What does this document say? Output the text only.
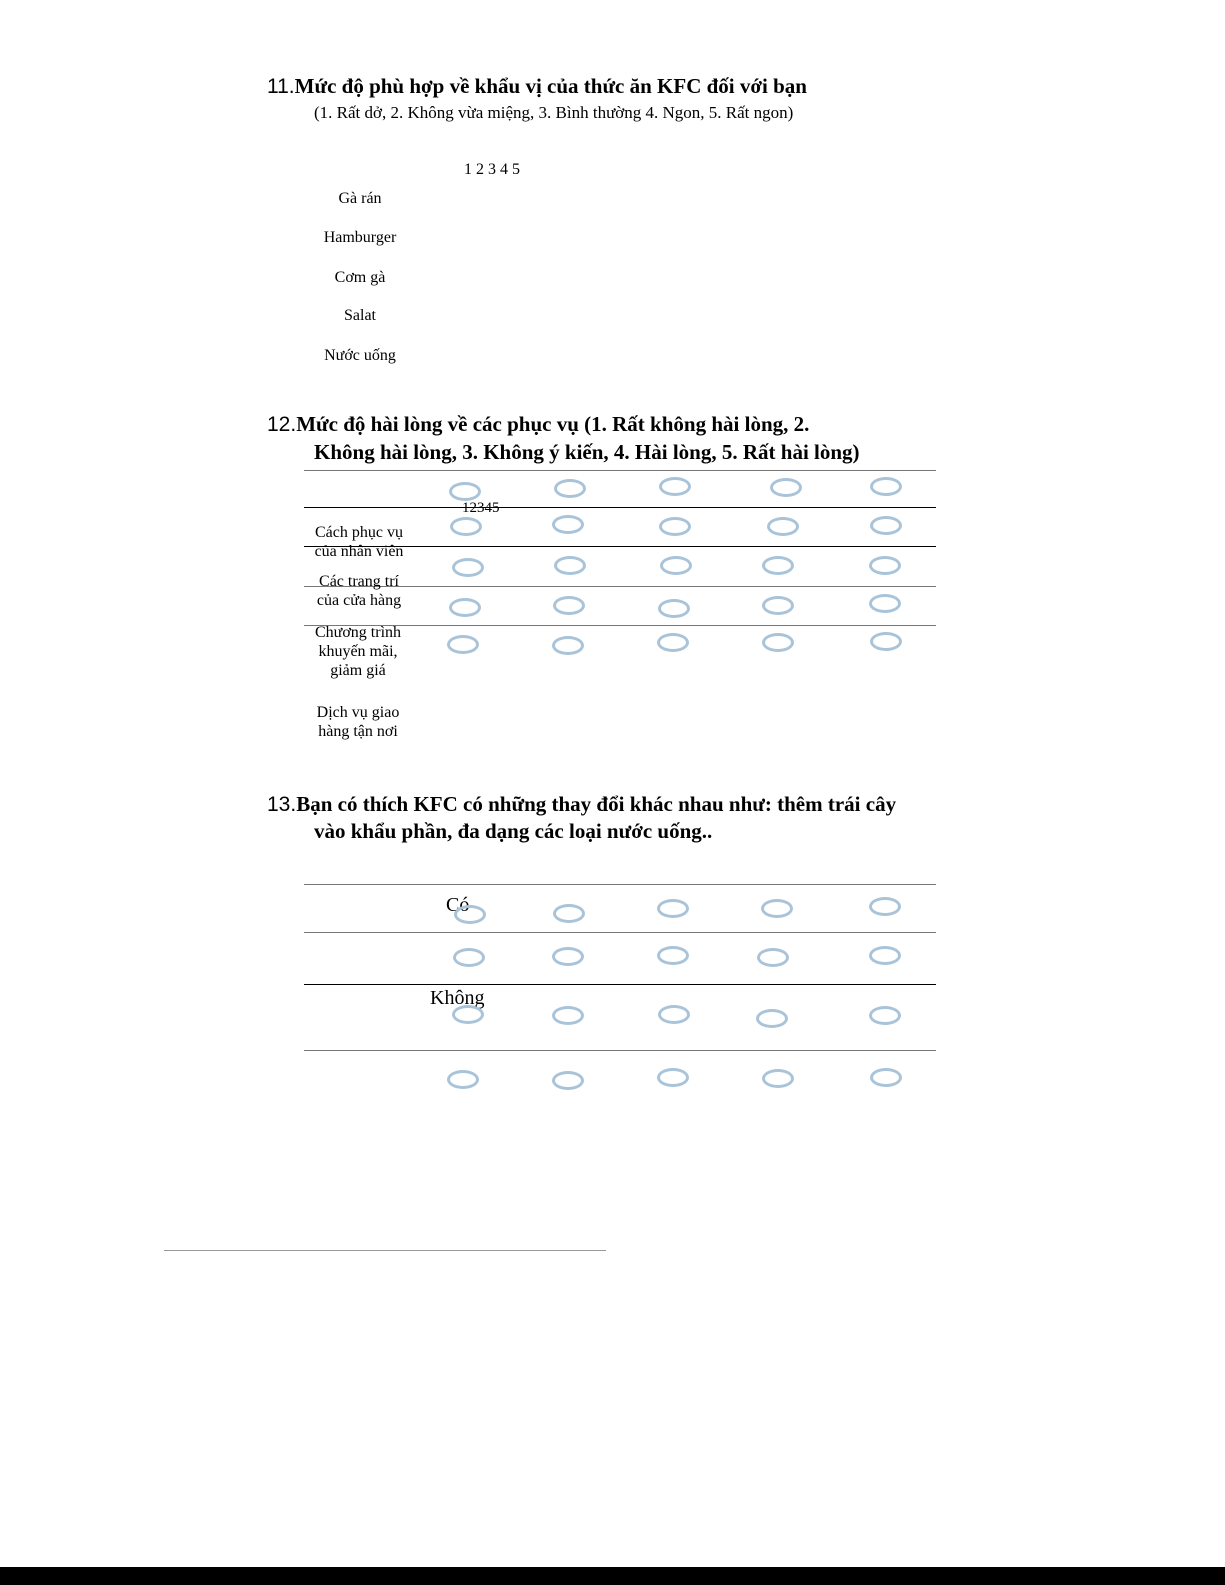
11.Mức độ phù hợp về khẩu vị của thức ăn KFC đối với bạn
(1. Rất dở, 2. Không vừa miệng, 3. Bình thường 4. Ngon, 5. Rất ngon)
1 2 3 4 5
Gà rán
Hamburger
Cơm gà
Salat
Nước uống
12.Mức độ hài lòng về các phục vụ (1. Rất không hài lòng, 2.
Không hài lòng, 3. Không ý kiến, 4. Hài lòng, 5. Rất hài lòng)
12345
Cách phục vụ
của nhân viên
Các trang trí
của cửa hàng
Chương trình
khuyến mãi,
giảm giá
Dịch vụ giao
hàng tận nơi
13.Bạn có thích KFC có những thay đổi khác nhau như: thêm trái cây
vào khẩu phần, đa dạng các loại nước uống..
Có
Không
